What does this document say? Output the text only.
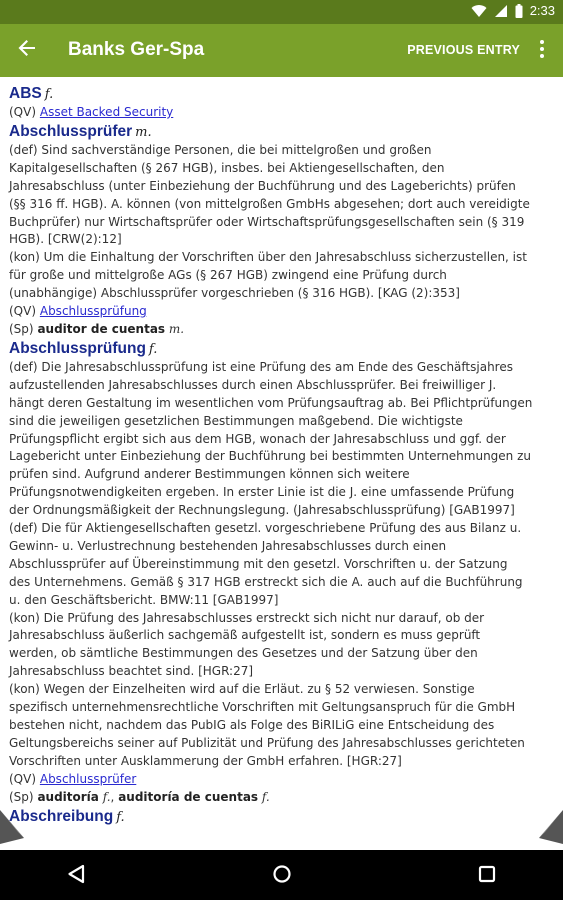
2:33
Banks Ger-Spa	PREVIOUS ENTRY
ABS f.
(QV) Asset Backed Security
Abschlussprüfer m.
(def) Sind sachverständige Personen, die bei mittelgroßen und großen
Kapitalgesellschaften (§ 267 HGB), insbes. bei Aktiengesellschaften, den
Jahresabschluss (unter Einbeziehung der Buchführung und des Lageberichts) prüfen
(§§ 316 ff. HGB). A. können (von mittelgroßen GmbHs abgesehen; dort auch vereidigte
Buchprüfer) nur Wirtschaftsprüfer oder Wirtschaftsprüfungsgesellschaften sein (§ 319
HGB). [CRW(2):12]
(kon) Um die Einhaltung der Vorschriften über den Jahresabschluss sicherzustellen, ist
für große und mittelgroße AGs (§ 267 HGB) zwingend eine Prüfung durch
(unabhängige) Abschlussprüfer vorgeschrieben (§ 316 HGB). [KAG (2):353]
(QV) Abschlussprüfung
(Sp) auditor de cuentas m.
Abschlussprüfung f.
(def) Die Jahresabschlussprüfung ist eine Prüfung des am Ende des Geschäftsjahres
aufzustellenden Jahresabschlusses durch einen Abschlussprüfer. Bei freiwilliger J.
hängt deren Gestaltung im wesentlichen vom Prüfungsauftrag ab. Bei Pflichtprüfungen
sind die jeweiligen gesetzlichen Bestimmungen maßgebend. Die wichtigste
Prüfungspflicht ergibt sich aus dem HGB, wonach der Jahresabschluss und ggf. der
Lagebericht unter Einbeziehung der Buchführung bei bestimmten Unternehmungen zu
prüfen sind. Aufgrund anderer Bestimmungen können sich weitere
Prüfungsnotwendigkeiten ergeben. In erster Linie ist die J. eine umfassende Prüfung
der Ordnungsmäßigkeit der Rechnungslegung. (Jahresabschlussprüfung) [GAB1997]
(def) Die für Aktiengesellschaften gesetzl. vorgeschriebene Prüfung des aus Bilanz u.
Gewinn- u. Verlustrechnung bestehenden Jahresabschlusses durch einen
Abschlussprüfer auf Übereinstimmung mit den gesetzl. Vorschriften u. der Satzung
des Unternehmens. Gemäß § 317 HGB erstreckt sich die A. auch auf die Buchführung
u. den Geschäftsbericht. BMW:11 [GAB1997]
(kon) Die Prüfung des Jahresabschlusses erstreckt sich nicht nur darauf, ob der
Jahresabschluss äußerlich sachgemäß aufgestellt ist, sondern es muss geprüft
werden, ob sämtliche Bestimmungen des Gesetzes und der Satzung über den
Jahresabschluss beachtet sind. [HGR:27]
(kon) Wegen der Einzelheiten wird auf die Erläut. zu § 52 verwiesen. Sonstige
spezifisch unternehmensrechtliche Vorschriften mit Geltungsanspruch für die GmbH
bestehen nicht, nachdem das PubIG als Folge des BiRILiG eine Entscheidung des
Geltungsbereichs seiner auf Publizität und Prüfung des Jahresabschlusses gerichteten
Vorschriften unter Ausklammerung der GmbH erfahren. [HGR:27]
(QV) Abschlussprüfer
(Sp) auditoría f., auditoría de cuentas f.
Abschreibung f.
